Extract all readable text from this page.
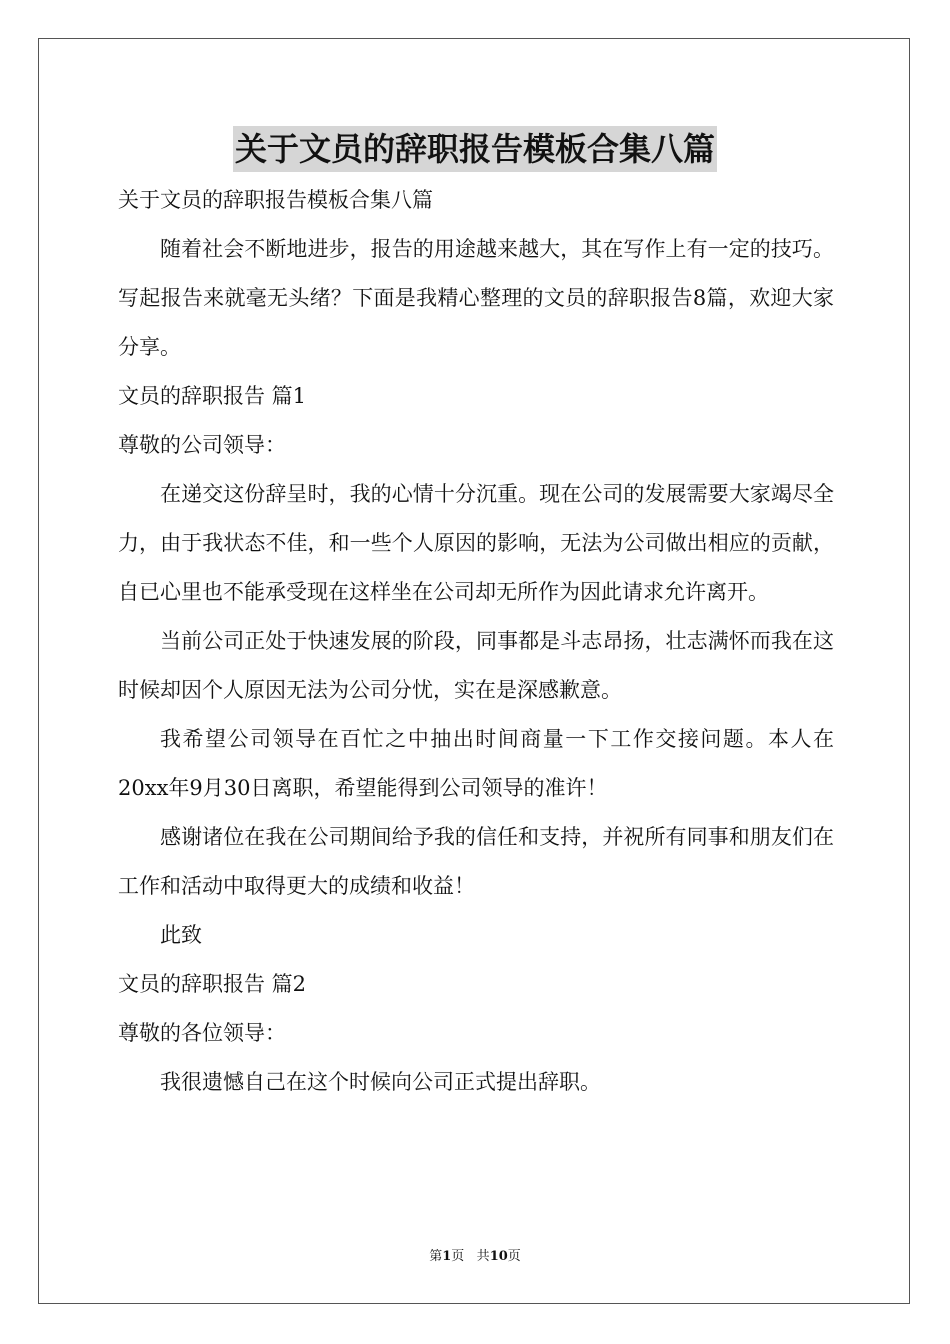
关于文员的辞职报告模板合集八篇

关于文员的辞职报告模板合集八篇

随着社会不断地进步，报告的用途越来越大，其在写作上有一定的技巧。写起报告来就毫无头绪？下面是我精心整理的文员的辞职报告8篇，欢迎大家分享。

文员的辞职报告 篇1

尊敬的公司领导：

在递交这份辞呈时，我的心情十分沉重。现在公司的发展需要大家竭尽全力，由于我状态不佳，和一些个人原因的影响，无法为公司做出相应的贡献，自已心里也不能承受现在这样坐在公司却无所作为因此请求允许离开。

当前公司正处于快速发展的阶段，同事都是斗志昂扬，壮志满怀而我在这时候却因个人原因无法为公司分忧，实在是深感歉意。

我希望公司领导在百忙之中抽出时间商量一下工作交接问题。本人在20xx年9月30日离职，希望能得到公司领导的准许！

感谢诸位在我在公司期间给予我的信任和支持，并祝所有同事和朋友们在工作和活动中取得更大的成绩和收益！

此致

文员的辞职报告 篇2

尊敬的各位领导：

我很遗憾自己在这个时候向公司正式提出辞职。

第1页 共10页
